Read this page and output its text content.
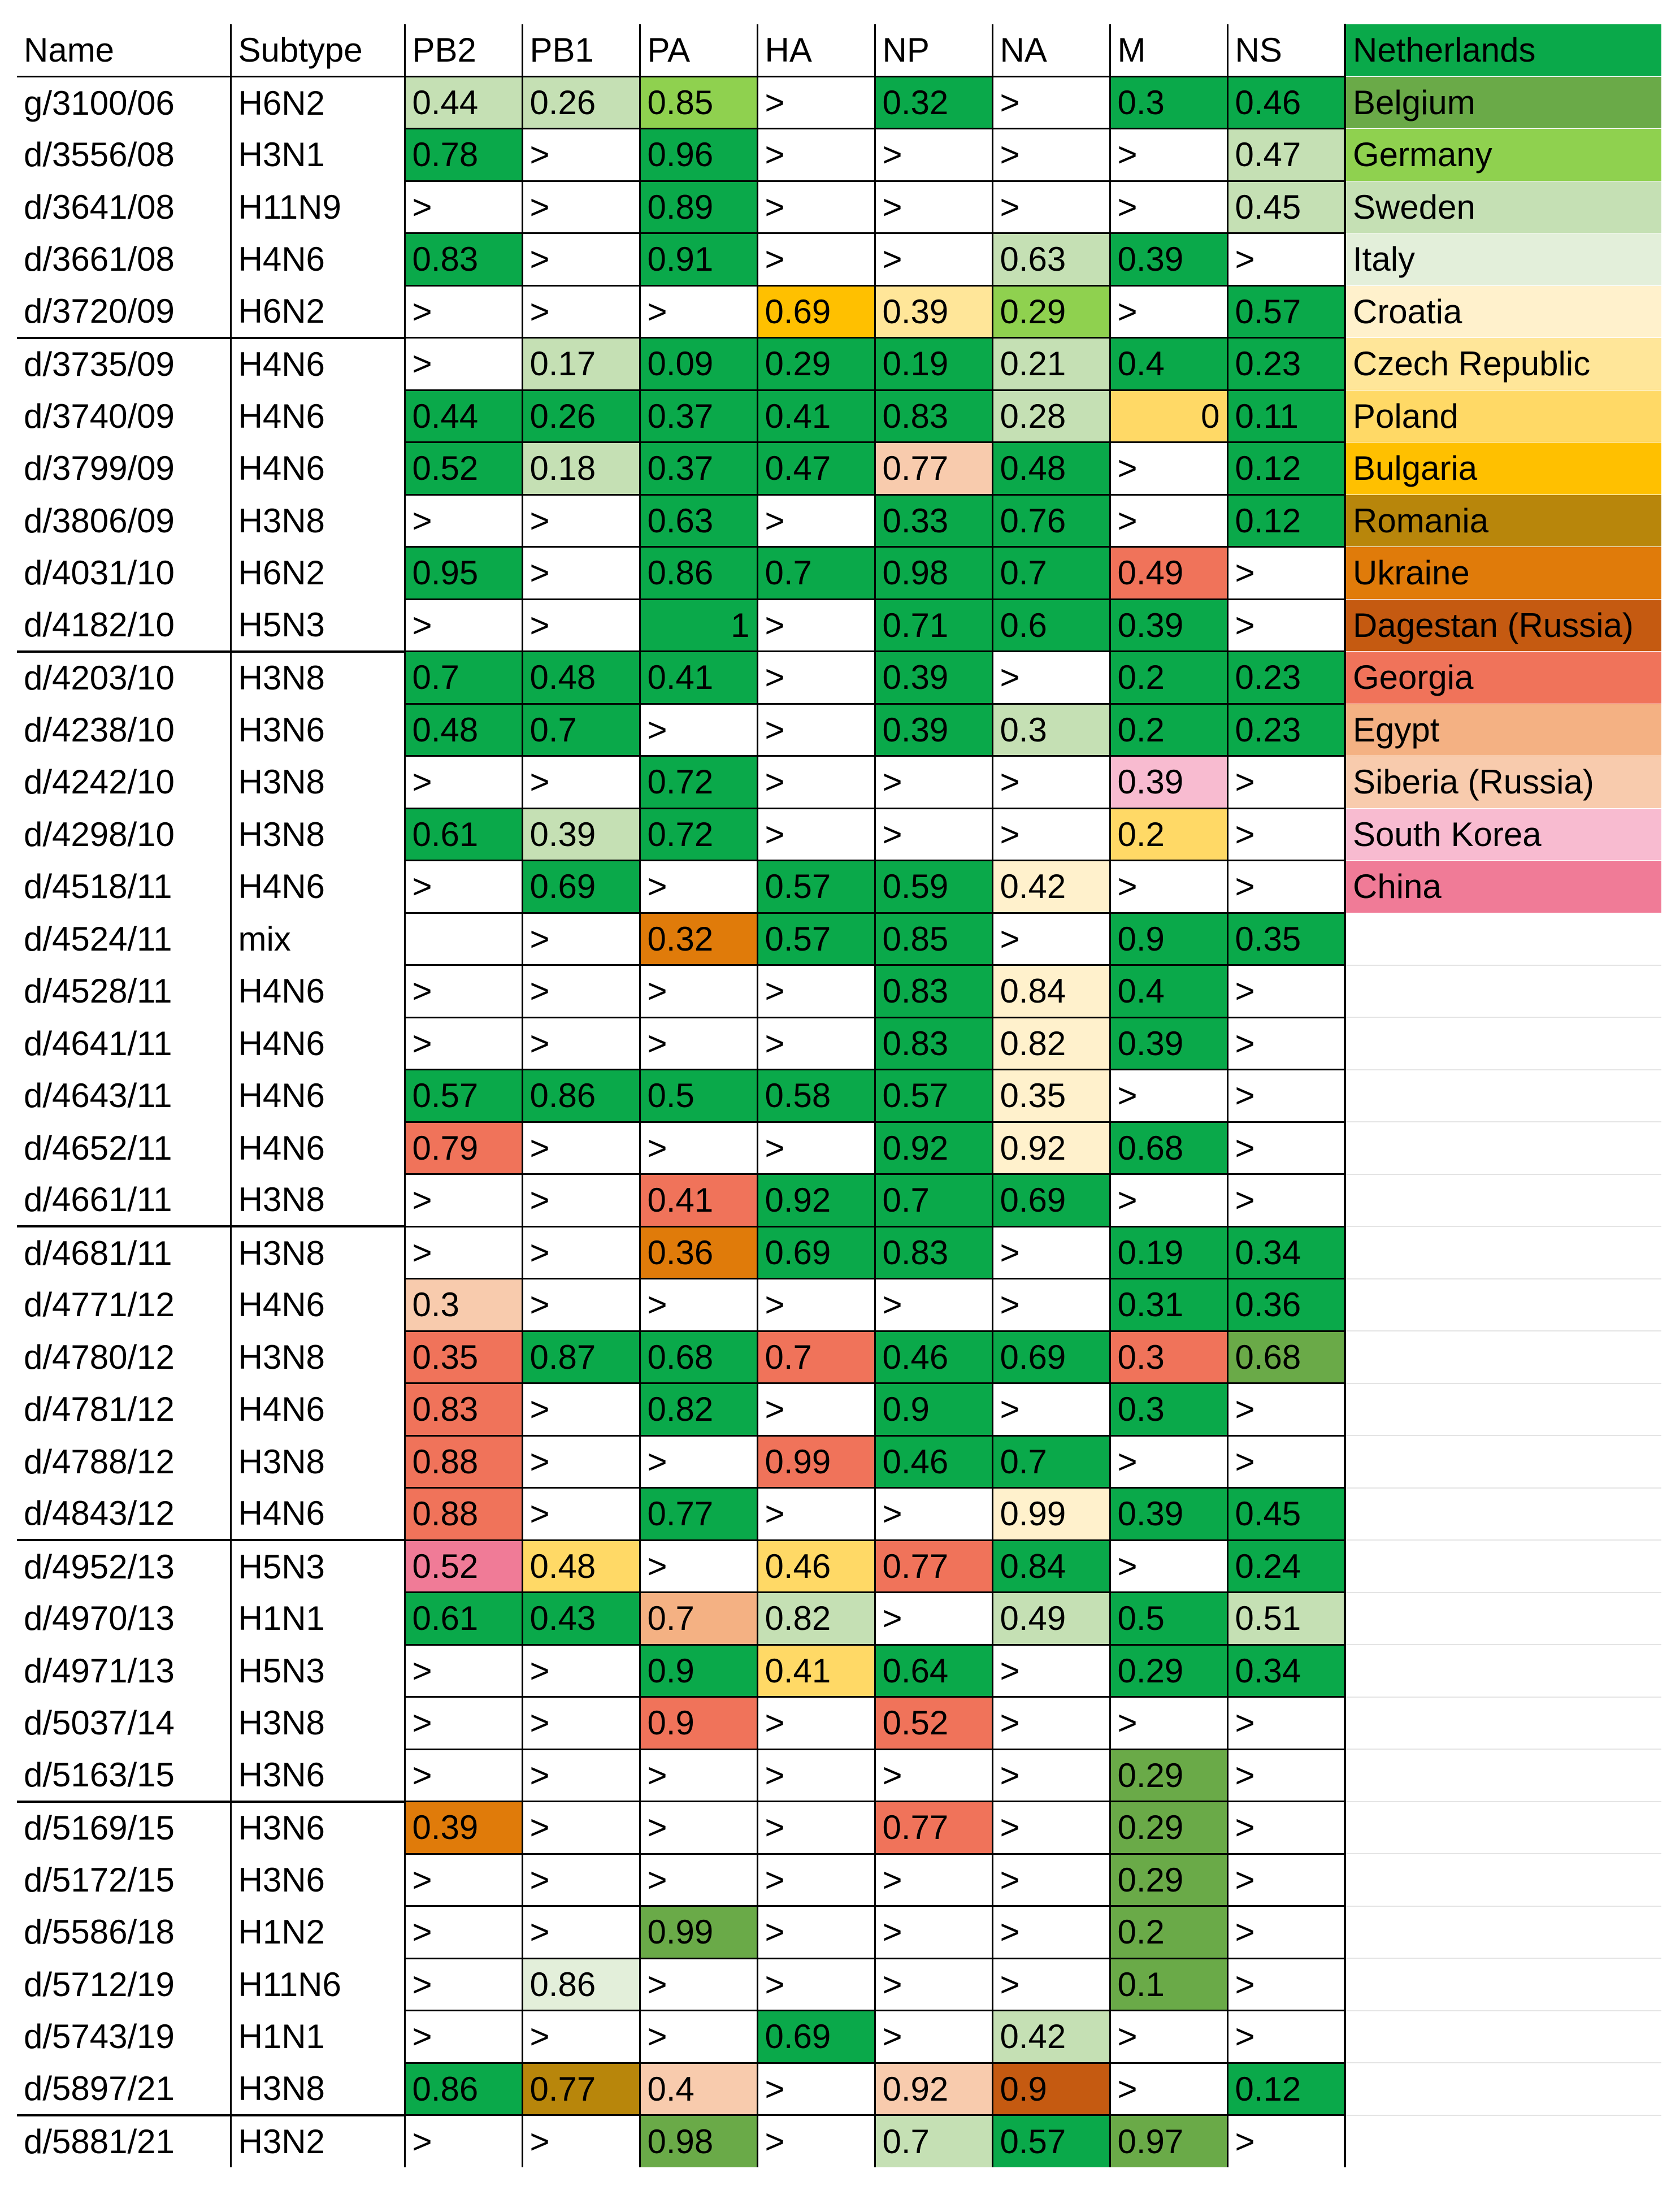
Name	Subtype	PB2	PB1	PA	HA	NP	NA	M	NS	Netherlands
g/3100/06	H6N2	0.44	0.26	0.85	>	0.32	>	0.3	0.46	Belgium
d/3556/08	H3N1	0.78	>	0.96	>	>	>	>	0.47	Germany
d/3641/08	H11N9	>	>	0.89	>	>	>	>	0.45	Sweden
d/3661/08	H4N6	0.83	>	0.91	>	>	0.63	0.39	>	Italy
d/3720/09	H6N2	>	>	>	0.69	0.39	0.29	>	0.57	Croatia
d/3735/09	H4N6	>	0.17	0.09	0.29	0.19	0.21	0.4	0.23	Czech Republic
d/3740/09	H4N6	0.44	0.26	0.37	0.41	0.83	0.28	0	0.11	Poland
d/3799/09	H4N6	0.52	0.18	0.37	0.47	0.77	0.48	>	0.12	Bulgaria
d/3806/09	H3N8	>	>	0.63	>	0.33	0.76	>	0.12	Romania
d/4031/10	H6N2	0.95	>	0.86	0.7	0.98	0.7	0.49	>	Ukraine
d/4182/10	H5N3	>	>	1	>	0.71	0.6	0.39	>	Dagestan (Russia)
d/4203/10	H3N8	0.7	0.48	0.41	>	0.39	>	0.2	0.23	Georgia
d/4238/10	H3N6	0.48	0.7	>	>	0.39	0.3	0.2	0.23	Egypt
d/4242/10	H3N8	>	>	0.72	>	>	>	0.39	>	Siberia (Russia)
d/4298/10	H3N8	0.61	0.39	0.72	>	>	>	0.2	>	South Korea
d/4518/11	H4N6	>	0.69	>	0.57	0.59	0.42	>	>	China
d/4524/11	mix		>	0.32	0.57	0.85	>	0.9	0.35	
d/4528/11	H4N6	>	>	>	>	0.83	0.84	0.4	>	
d/4641/11	H4N6	>	>	>	>	0.83	0.82	0.39	>	
d/4643/11	H4N6	0.57	0.86	0.5	0.58	0.57	0.35	>	>	
d/4652/11	H4N6	0.79	>	>	>	0.92	0.92	0.68	>	
d/4661/11	H3N8	>	>	0.41	0.92	0.7	0.69	>	>	
d/4681/11	H3N8	>	>	0.36	0.69	0.83	>	0.19	0.34	
d/4771/12	H4N6	0.3	>	>	>	>	>	0.31	0.36	
d/4780/12	H3N8	0.35	0.87	0.68	0.7	0.46	0.69	0.3	0.68	
d/4781/12	H4N6	0.83	>	0.82	>	0.9	>	0.3	>	
d/4788/12	H3N8	0.88	>	>	0.99	0.46	0.7	>	>	
d/4843/12	H4N6	0.88	>	0.77	>	>	0.99	0.39	0.45	
d/4952/13	H5N3	0.52	0.48	>	0.46	0.77	0.84	>	0.24	
d/4970/13	H1N1	0.61	0.43	0.7	0.82	>	0.49	0.5	0.51	
d/4971/13	H5N3	>	>	0.9	0.41	0.64	>	0.29	0.34	
d/5037/14	H3N8	>	>	0.9	>	0.52	>	>	>	
d/5163/15	H3N6	>	>	>	>	>	>	0.29	>	
d/5169/15	H3N6	0.39	>	>	>	0.77	>	0.29	>	
d/5172/15	H3N6	>	>	>	>	>	>	0.29	>	
d/5586/18	H1N2	>	>	0.99	>	>	>	0.2	>	
d/5712/19	H11N6	>	0.86	>	>	>	>	0.1	>	
d/5743/19	H1N1	>	>	>	0.69	>	0.42	>	>	
d/5897/21	H3N8	0.86	0.77	0.4	>	0.92	0.9	>	0.12	
d/5881/21	H3N2	>	>	0.98	>	0.7	0.57	0.97	>	
